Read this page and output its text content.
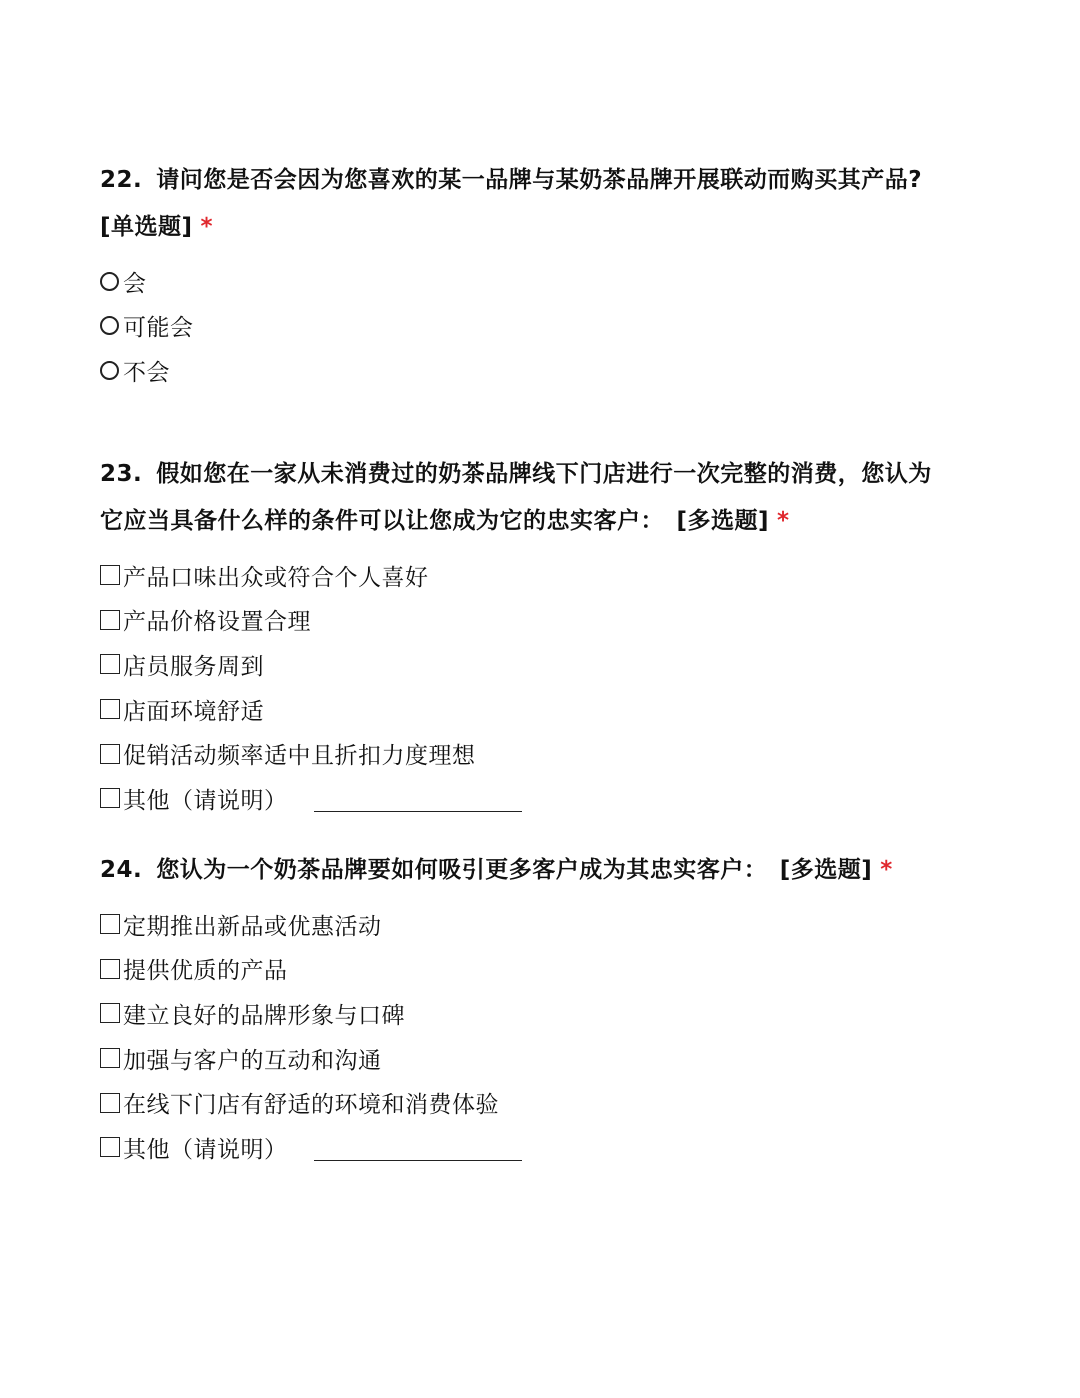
22. 请问您是否会因为您喜欢的某一品牌与某奶茶品牌开展联动而购买其产品?
[单选题] *

会
可能会
不会

23. 假如您在一家从未消费过的奶茶品牌线下门店进行一次完整的消费，您认为
它应当具备什么样的条件可以让您成为它的忠实客户： [多选题] *

产品口味出众或符合个人喜好
产品价格设置合理
店员服务周到
店面环境舒适
促销活动频率适中且折扣力度理想
其他（请说明）

24. 您认为一个奶茶品牌要如何吸引更多客户成为其忠实客户： [多选题] *

定期推出新品或优惠活动
提供优质的产品
建立良好的品牌形象与口碑
加强与客户的互动和沟通
在线下门店有舒适的环境和消费体验
其他（请说明）
